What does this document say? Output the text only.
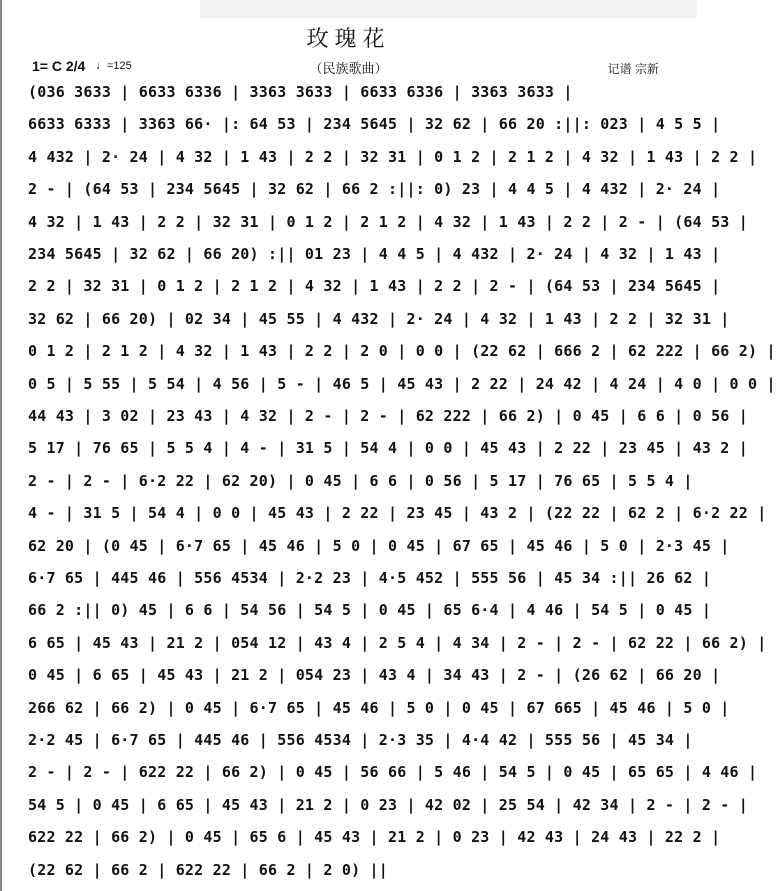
玫瑰花
（民族歌曲）
1= C 2/4 ♩=125	记谱 宗新
(036 3633 | 6633 6336 | 3363 3633 | 6633 6336 | 3363 3633 |
6633 6333 | 3363 66· |: 64 53 | 234 5645 | 32 62 | 66 20 :||: 023 | 4 5 5 |
4 432 | 2· 24 | 4 32 | 1 43 | 2 2 | 32 31 | 0 1 2 | 2 1 2 | 4 32 | 1 43 | 2 2 |
2 - | (64 53 | 234 5645 | 32 62 | 66 2 :||: 0) 23 | 4 4 5 | 4 432 | 2· 24 |
4 32 | 1 43 | 2 2 | 32 31 | 0 1 2 | 2 1 2 | 4 32 | 1 43 | 2 2 | 2 - | (64 53 |
234 5645 | 32 62 | 66 20) :|| 01 23 | 4 4 5 | 4 432 | 2· 24 | 4 32 | 1 43 |
2 2 | 32 31 | 0 1 2 | 2 1 2 | 4 32 | 1 43 | 2 2 | 2 - | (64 53 | 234 5645 |
32 62 | 66 20) | 02 34 | 45 55 | 4 432 | 2· 24 | 4 32 | 1 43 | 2 2 | 32 31 |
0 1 2 | 2 1 2 | 4 32 | 1 43 | 2 2 | 2 0 | 0 0 | (22 62 | 666 2 | 62 222 | 66 2) |
0 5 | 5 55 | 5 54 | 4 56 | 5 - | 46 5 | 45 43 | 2 22 | 24 42 | 4 24 | 4 0 | 0 0 |
44 43 | 3 02 | 23 43 | 4 32 | 2 - | 2 - | 62 222 | 66 2) | 0 45 | 6 6 | 0 56 |
5 17 | 76 65 | 5 5 4 | 4 - | 31 5 | 54 4 | 0 0 | 45 43 | 2 22 | 23 45 | 43 2 |
2 - | 2 - | 6·2 22 | 62 20) | 0 45 | 6 6 | 0 56 | 5 17 | 76 65 | 5 5 4 |
4 - | 31 5 | 54 4 | 0 0 | 45 43 | 2 22 | 23 45 | 43 2 | (22 22 | 62 2 | 6·2 22 |
62 20 | (0 45 | 6·7 65 | 45 46 | 5 0 | 0 45 | 67 65 | 45 46 | 5 0 | 2·3 45 |
6·7 65 | 445 46 | 556 4534 | 2·2 23 | 4·5 452 | 555 56 | 45 34 :|| 26 62 |
66 2 :|| 0) 45 | 6 6 | 54 56 | 54 5 | 0 45 | 65 6·4 | 4 46 | 54 5 | 0 45 |
6 65 | 45 43 | 21 2 | 054 12 | 43 4 | 2 5 4 | 4 34 | 2 - | 2 - | 62 22 | 66 2) |
0 45 | 6 65 | 45 43 | 21 2 | 054 23 | 43 4 | 34 43 | 2 - | (26 62 | 66 20 |
266 62 | 66 2) | 0 45 | 6·7 65 | 45 46 | 5 0 | 0 45 | 67 665 | 45 46 | 5 0 |
2·2 45 | 6·7 65 | 445 46 | 556 4534 | 2·3 35 | 4·4 42 | 555 56 | 45 34 |
2 - | 2 - | 622 22 | 66 2) | 0 45 | 56 66 | 5 46 | 54 5 | 0 45 | 65 65 | 4 46 |
54 5 | 0 45 | 6 65 | 45 43 | 21 2 | 0 23 | 42 02 | 25 54 | 42 34 | 2 - | 2 - |
622 22 | 66 2) | 0 45 | 65 6 | 45 43 | 21 2 | 0 23 | 42 43 | 24 43 | 22 2 |
(22 62 | 66 2 | 622 22 | 66 2 | 2 0) ||
